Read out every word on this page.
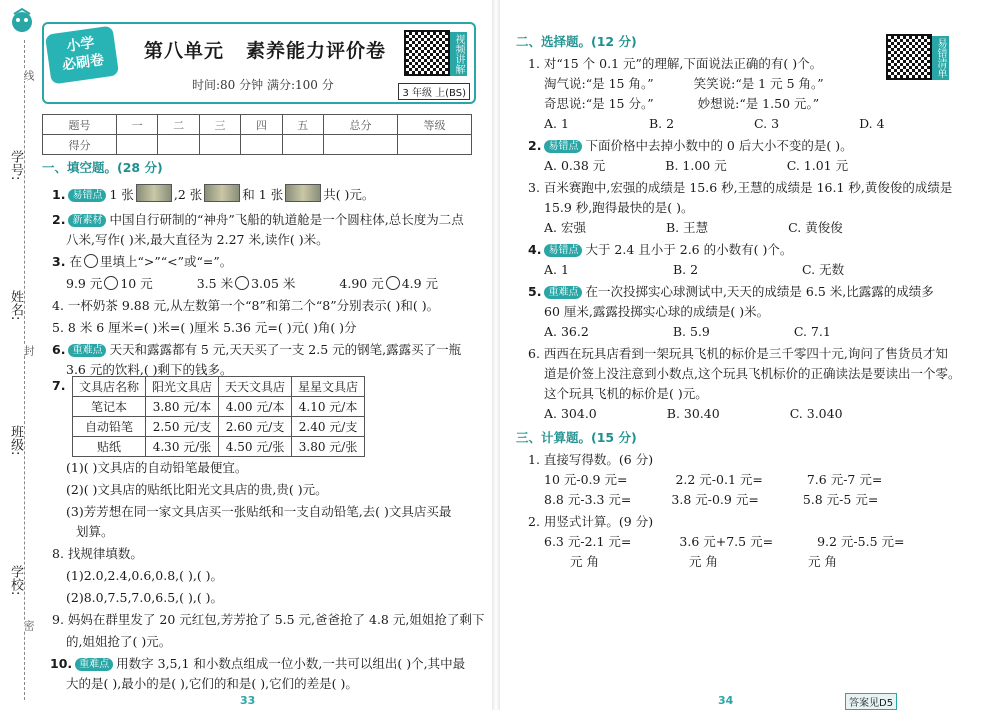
线
学号:
姓名:
封
班级:
学校:
密
小学
必刷卷
第八单元 素养能力评价卷
时间:80 分钟 满分:100 分
视频讲解
3 年级 上(BS)
题号	一	二	三	四	五	总分	等级
得分							
一、填空题。(28 分)
1. 易错点 1 张	,2 张	和 1 张	共( )元。
2. 新素材 中国自行研制的“神舟”飞船的轨道舱是一个圆柱体,总长度为二点
八米,写作( )米,最大直径为 2.27 米,读作( )米。
3. 在 里填上“>”“<”或“=”。
9.9 元 10 元	3.5 米 3.05 米	4.90 元 4.9 元
4. 一杯奶茶 9.88 元,从左数第一个“8”和第二个“8”分别表示( )和( )。
5. 8 米 6 厘米=( )米=( )厘米 5.36 元=( )元( )角( )分
6. 重难点 天天和露露都有 5 元,天天买了一支 2.5 元的钢笔,露露买了一瓶
3.6 元的饮料,( )剩下的钱多。
7. 文具店名称	阳光文具店	天天文具店	星星文具店
笔记本	3.80 元/本	4.00 元/本	4.10 元/本
自动铅笔	2.50 元/支	2.60 元/支	2.40 元/支
贴纸	4.30 元/张	4.50 元/张	3.80 元/张
(1)( )文具店的自动铅笔最便宜。
(2)( )文具店的贴纸比阳光文具店的贵,贵( )元。
(3)芳芳想在同一家文具店买一张贴纸和一支自动铅笔,去( )文具店买最
划算。
8. 找规律填数。
(1)2.0,2.4,0.6,0.8,( ),( )。
(2)8.0,7.5,7.0,6.5,( ),( )。
9. 妈妈在群里发了 20 元红包,芳芳抢了 5.5 元,爸爸抢了 4.8 元,姐姐抢了剩下
的,姐姐抢了( )元。
10. 重难点 用数字 3,5,1 和小数点组成一位小数,一共可以组出( )个,其中最
大的是( ),最小的是( ),它们的和是( ),它们的差是( )。
33
易错清单
二、选择题。(12 分)
1. 对“15 个 0.1 元”的理解,下面说法正确的有( )个。
淘气说:“是 15 角。”	笑笑说:“是 1 元 5 角。”
奇思说:“是 15 分。”	妙想说:“是 1.50 元。”
A. 1	B. 2	C. 3	D. 4
2. 易错点 下面价格中去掉小数中的 0 后大小不变的是( )。
A. 0.38 元	B. 1.00 元	C. 1.01 元
3. 百米赛跑中,宏强的成绩是 15.6 秒,王慧的成绩是 16.1 秒,黄俊俊的成绩是
15.9 秒,跑得最快的是( )。
A. 宏强	B. 王慧	C. 黄俊俊
4. 易错点 大于 2.4 且小于 2.6 的小数有( )个。
A. 1	B. 2	C. 无数
5. 重难点 在一次投掷实心球测试中,天天的成绩是 6.5 米,比露露的成绩多
60 厘米,露露投掷实心球的成绩是( )米。
A. 36.2	B. 5.9	C. 7.1
6. 西西在玩具店看到一架玩具飞机的标价是三千零四十元,询问了售货员才知
道是价签上没注意到小数点,这个玩具飞机标价的正确读法是要读出一个零。
这个玩具飞机的标价是( )元。
A. 304.0	B. 30.40	C. 3.040
三、计算题。(15 分)
1. 直接写得数。(6 分)
10 元-0.9 元=	2.2 元-0.1 元=	7.6 元-7 元=
8.8 元-3.3 元=	3.8 元-0.9 元=	5.8 元-5 元=
2. 用竖式计算。(9 分)
6.3 元-2.1 元=	3.6 元+7.5 元=	9.2 元-5.5 元=
元 角	元 角	元 角
34	答案见D5
